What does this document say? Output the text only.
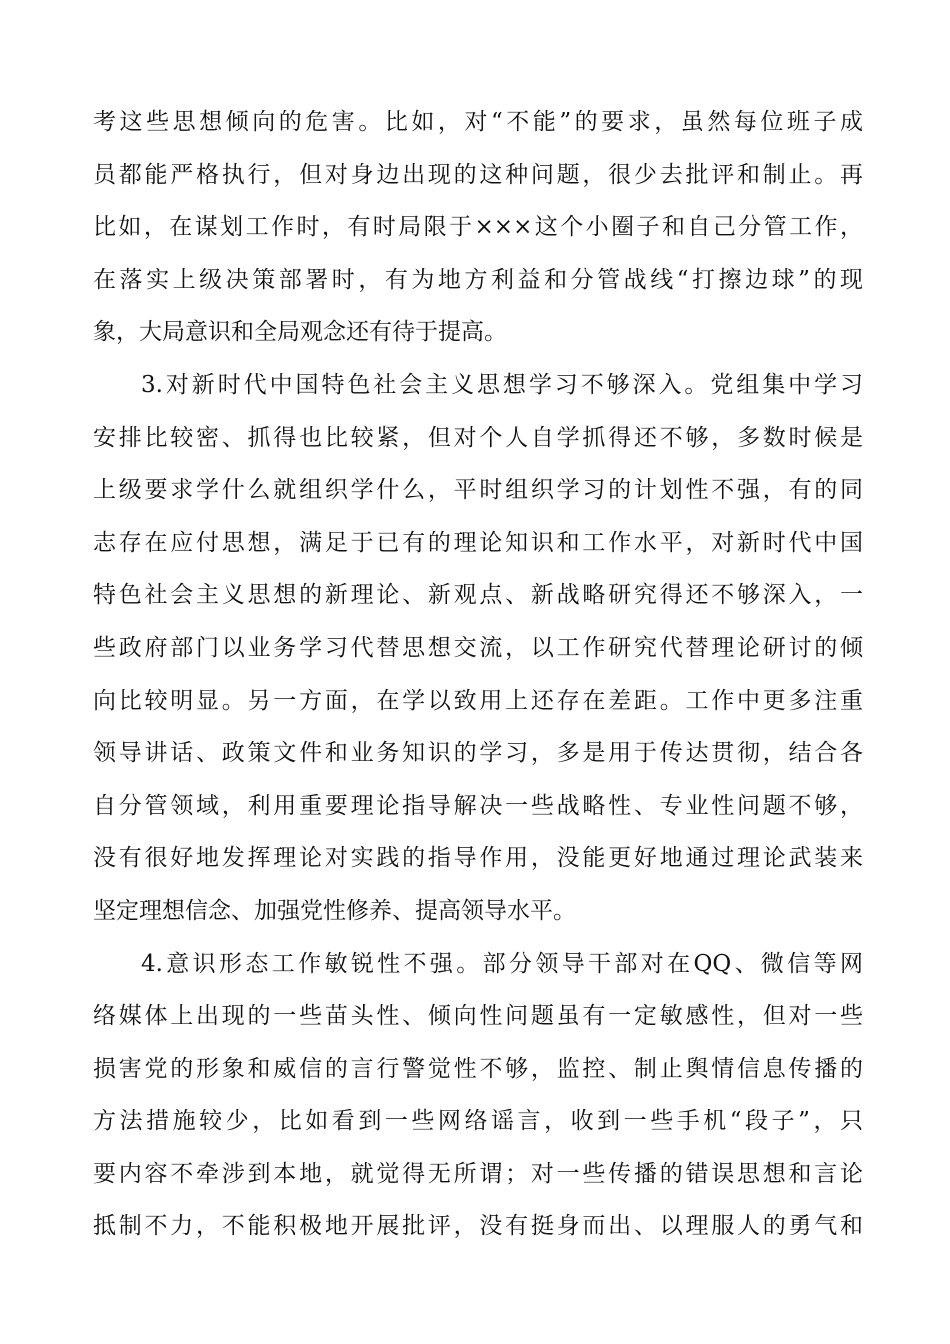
考这些思想倾向的危害。比如，对“不能”的要求，虽然每位班子成
员都能严格执行，但对身边出现的这种问题，很少去批评和制止。再
比如，在谋划工作时，有时局限于×××这个小圈子和自己分管工作，
在落实上级决策部署时，有为地方利益和分管战线“打擦边球”的现
象，大局意识和全局观念还有待于提高。
3.对新时代中国特色社会主义思想学习不够深入。党组集中学习
安排比较密、抓得也比较紧，但对个人自学抓得还不够，多数时候是
上级要求学什么就组织学什么，平时组织学习的计划性不强，有的同
志存在应付思想，满足于已有的理论知识和工作水平，对新时代中国
特色社会主义思想的新理论、新观点、新战略研究得还不够深入，一
些政府部门以业务学习代替思想交流，以工作研究代替理论研讨的倾
向比较明显。另一方面，在学以致用上还存在差距。工作中更多注重
领导讲话、政策文件和业务知识的学习，多是用于传达贯彻，结合各
自分管领域，利用重要理论指导解决一些战略性、专业性问题不够，
没有很好地发挥理论对实践的指导作用，没能更好地通过理论武装来
坚定理想信念、加强党性修养、提高领导水平。
4.意识形态工作敏锐性不强。部分领导干部对在QQ、微信等网
络媒体上出现的一些苗头性、倾向性问题虽有一定敏感性，但对一些
损害党的形象和威信的言行警觉性不够，监控、制止舆情信息传播的
方法措施较少，比如看到一些网络谣言，收到一些手机“段子”，只
要内容不牵涉到本地，就觉得无所谓；对一些传播的错误思想和言论
抵制不力，不能积极地开展批评，没有挺身而出、以理服人的勇气和
